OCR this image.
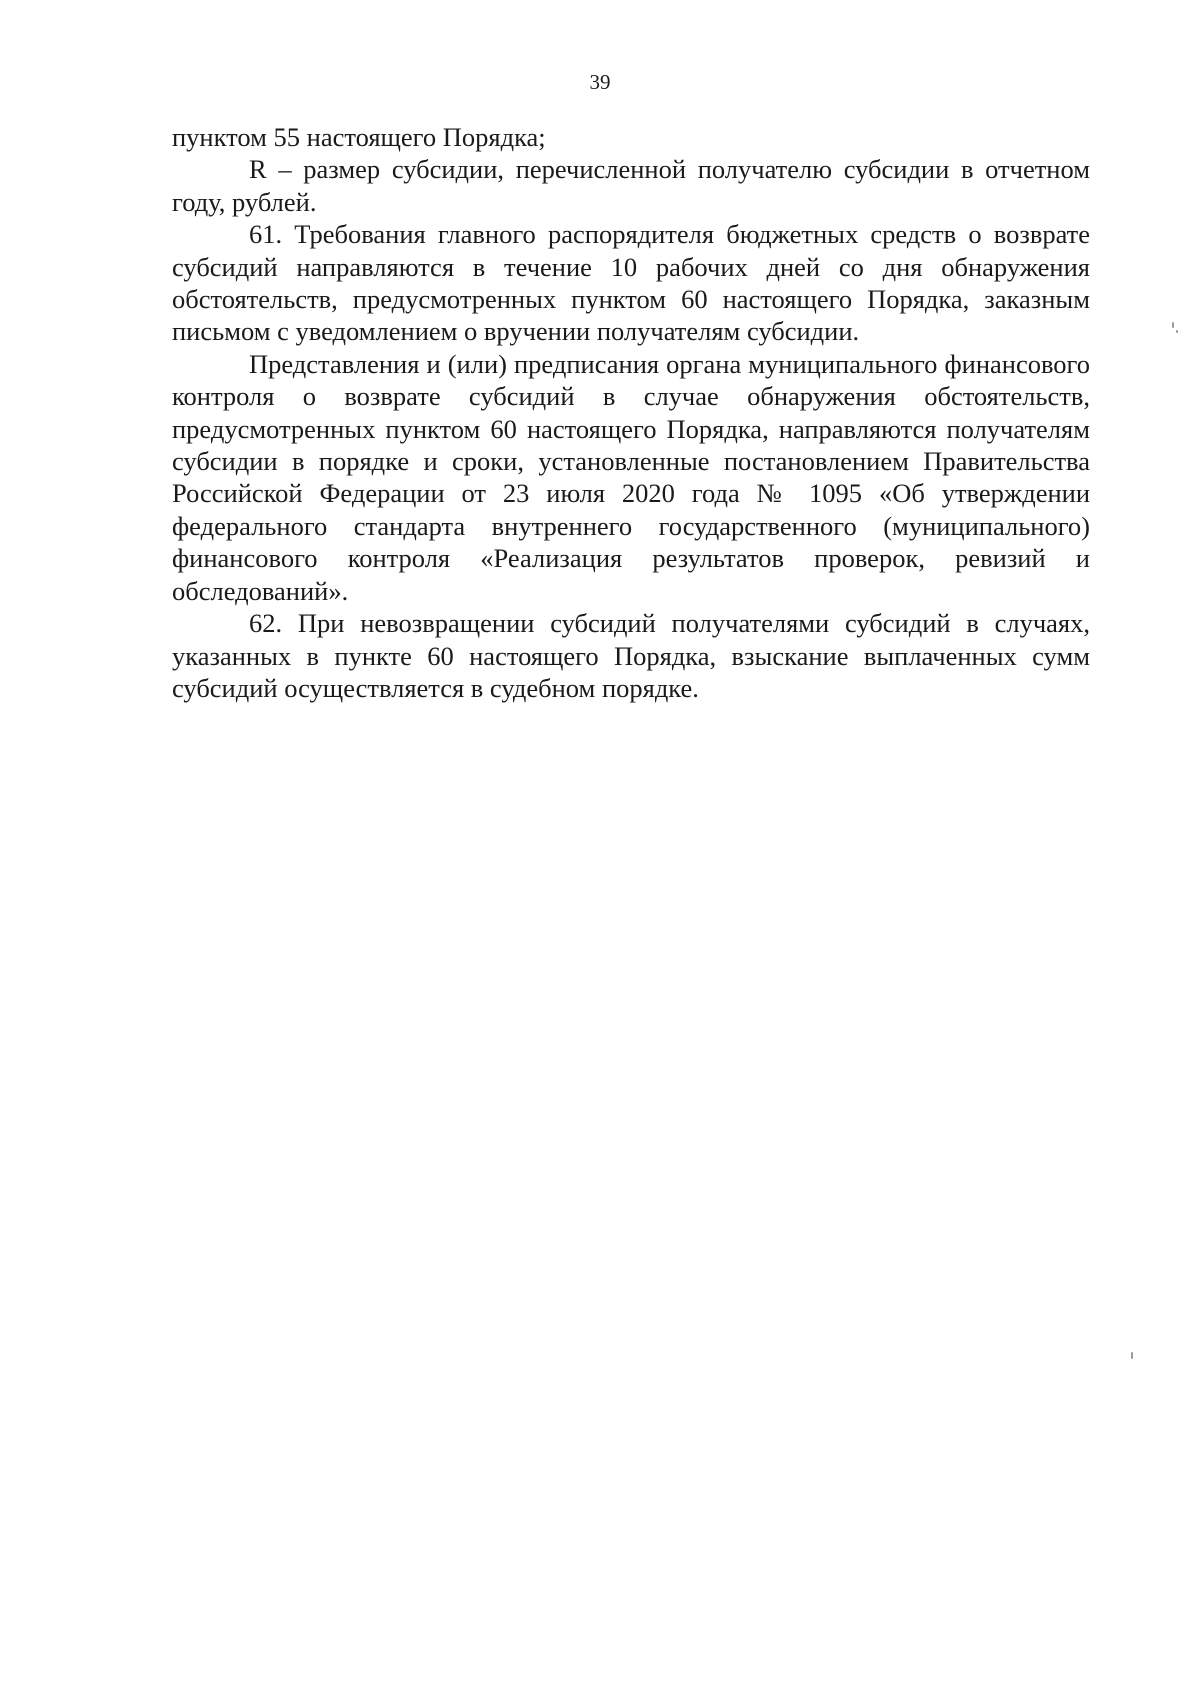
39

пунктом 55 настоящего Порядка;

R – размер субсидии, перечисленной получателю субсидии в отчетном году, рублей.

61. Требования главного распорядителя бюджетных средств о возврате субсидий направляются в течение 10 рабочих дней со дня обнаружения обстоятельств, предусмотренных пунктом 60 настоящего Порядка, заказным письмом с уведомлением о вручении получателям субсидии.

Представления и (или) предписания органа муниципального финансового контроля о возврате субсидий в случае обнаружения обстоятельств, предусмотренных пунктом 60 настоящего Порядка, направляются получателям субсидии в порядке и сроки, установленные постановлением Правительства Российской Федерации от 23 июля 2020 года № 1095 «Об утверждении федерального стандарта внутреннего государственного (муниципального) финансового контроля «Реализация результатов проверок, ревизий и обследований».

62. При невозвращении субсидий получателями субсидий в случаях, указанных в пункте 60 настоящего Порядка, взыскание выплаченных сумм субсидий осуществляется в судебном порядке.
